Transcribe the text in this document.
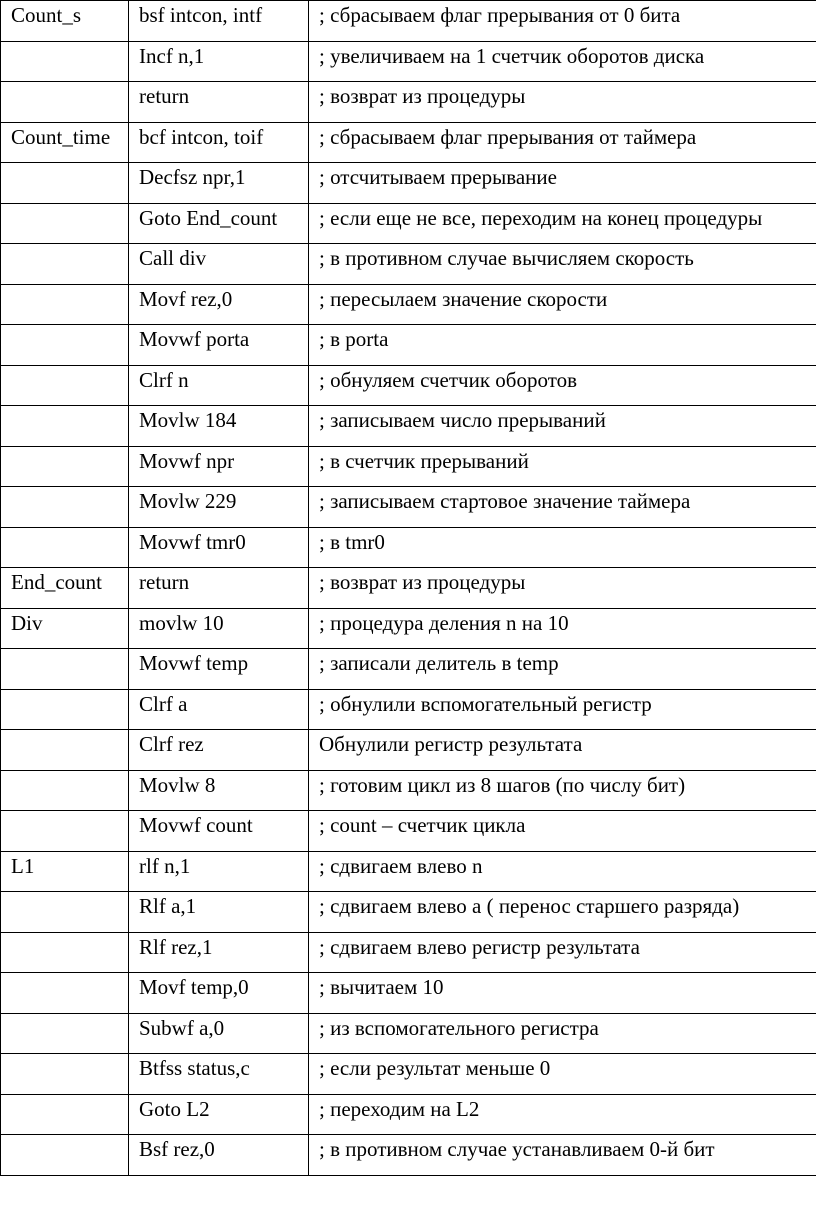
Count_s	bsf intcon, intf	; сбрасываем флаг прерывания от 0 бита
	Incf n,1	; увеличиваем на 1 счетчик оборотов диска
	return	; возврат из процедуры
Count_time	bcf intcon, toif	; сбрасываем флаг прерывания от таймера
	Decfsz npr,1	; отсчитываем прерывание
	Goto End_count	; если еще не все, переходим на конец процедуры
	Call div	; в противном случае вычисляем скорость
	Movf rez,0	; пересылаем значение скорости
	Movwf porta	; в porta
	Clrf n	; обнуляем счетчик оборотов
	Movlw 184	; записываем число прерываний
	Movwf npr	; в счетчик прерываний
	Movlw 229	; записываем стартовое значение таймера
	Movwf tmr0	; в tmr0
End_count	return	; возврат из процедуры
Div	movlw 10	; процедура деления n на 10
	Movwf temp	; записали делитель в temp
	Clrf a	; обнулили вспомогательный регистр
	Clrf rez	Обнулили регистр результата
	Movlw 8	; готовим цикл из 8 шагов (по числу бит)
	Movwf count	; count – счетчик цикла
L1	rlf n,1	; сдвигаем влево n
	Rlf a,1	; сдвигаем влево a ( перенос старшего разряда)
	Rlf rez,1	; сдвигаем влево регистр результата
	Movf temp,0	; вычитаем 10
	Subwf a,0	; из вспомогательного регистра
	Btfss status,c	; если результат меньше 0
	Goto L2	; переходим на L2
	Bsf rez,0	; в противном случае устанавливаем 0-й бит
